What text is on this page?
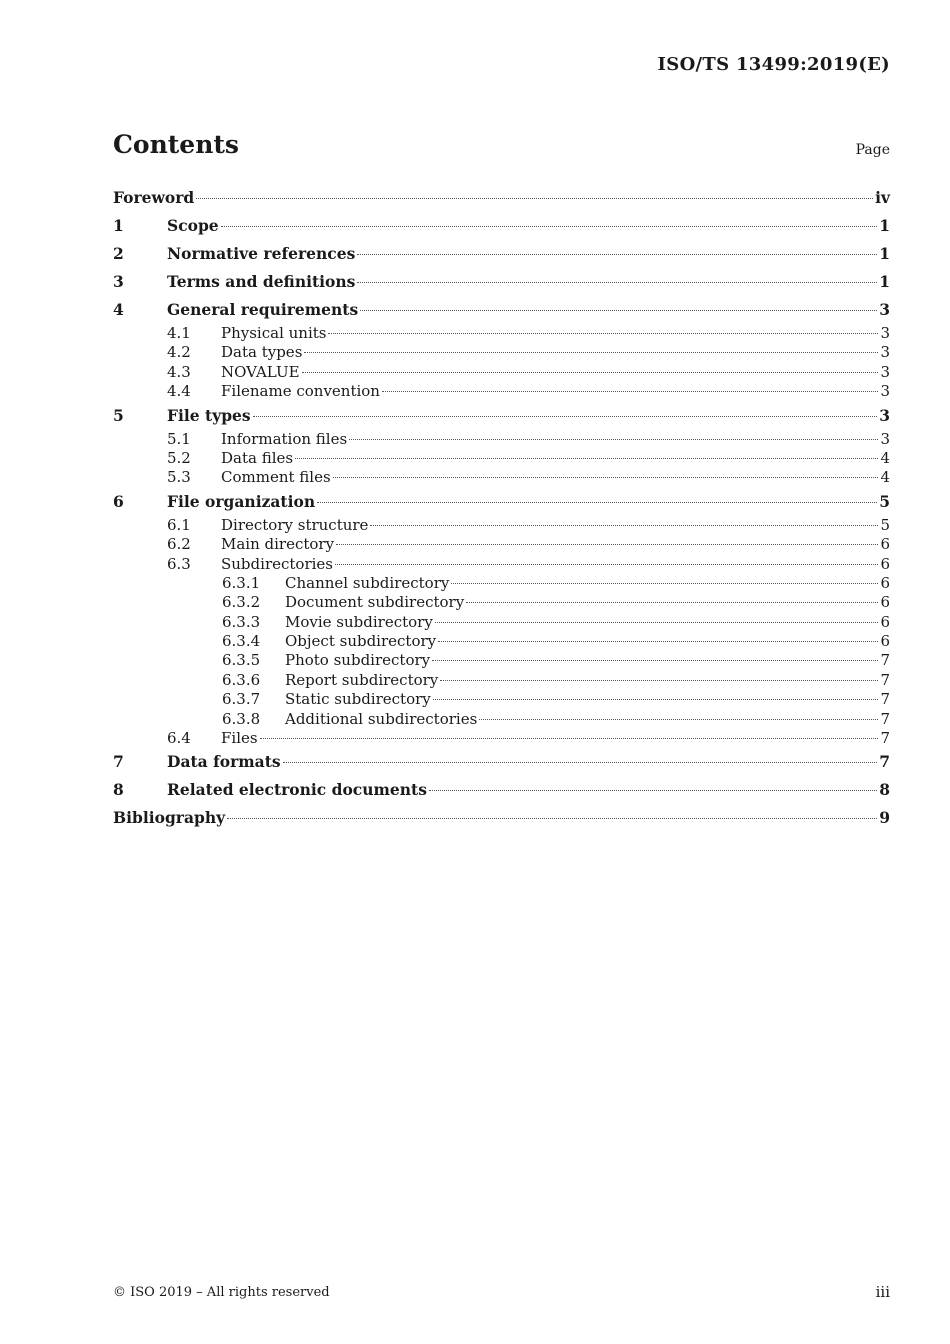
ISO/TS 13499:2019(E)
Contents	Page
Foreword	iv
1	Scope	1
2	Normative references	1
3	Terms and definitions	1
4	General requirements	3
4.1	Physical units	3
4.2	Data types	3
4.3	NOVALUE	3
4.4	Filename convention	3
5	File types	3
5.1	Information files	3
5.2	Data files	4
5.3	Comment files	4
6	File organization	5
6.1	Directory structure	5
6.2	Main directory	6
6.3	Subdirectories	6
6.3.1	Channel subdirectory	6
6.3.2	Document subdirectory	6
6.3.3	Movie subdirectory	6
6.3.4	Object subdirectory	6
6.3.5	Photo subdirectory	7
6.3.6	Report subdirectory	7
6.3.7	Static subdirectory	7
6.3.8	Additional subdirectories	7
6.4	Files	7
7	Data formats	7
8	Related electronic documents	8
Bibliography	9
© ISO 2019 – All rights reserved	iii
